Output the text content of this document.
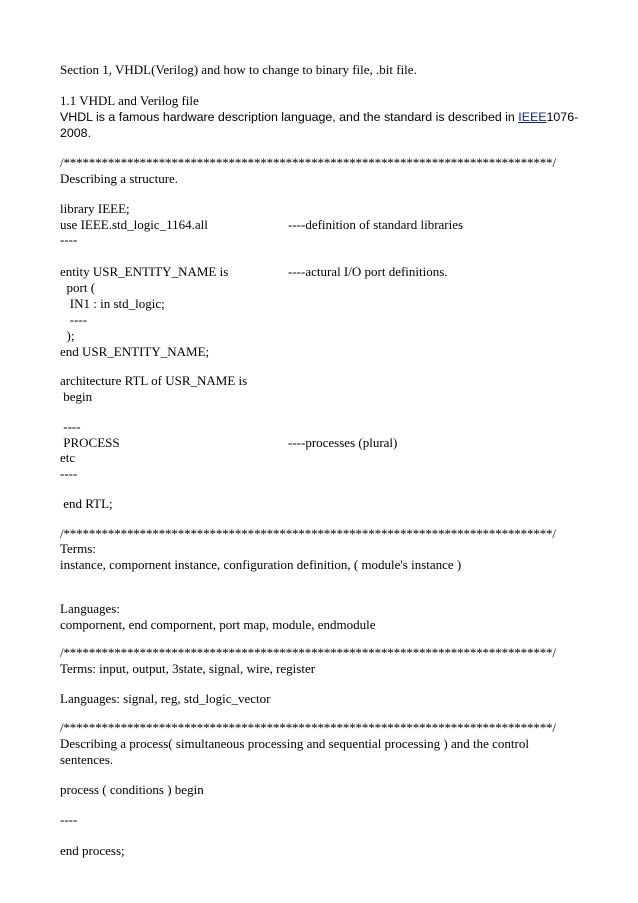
Section 1, VHDL(Verilog) and how to change to binary file, .bit file.
1.1 VHDL and Verilog file
VHDL is a famous hardware description language, and the standard is described in IEEE1076-
2008.
/*****************************************************************************/
Describing a structure.
library IEEE;
use IEEE.std_logic_1164.all	----definition of standard libraries
----
entity USR_ENTITY_NAME is	----actural I/O port definitions.
port (
IN1 : in std_logic;
----
);
end USR_ENTITY_NAME;
architecture RTL of USR_NAME is
begin
----
PROCESS	----processes (plural)
etc
----
end RTL;
/*****************************************************************************/
Terms:
instance, compornent instance, configuration definition, ( module's instance )
Languages:
compornent, end compornent, port map, module, endmodule
/*****************************************************************************/
Terms: input, output, 3state, signal, wire, register
Languages: signal, reg, std_logic_vector
/*****************************************************************************/
Describing a process( simultaneous processing and sequential processing ) and the control
sentences.
process ( conditions ) begin
----
end process;
